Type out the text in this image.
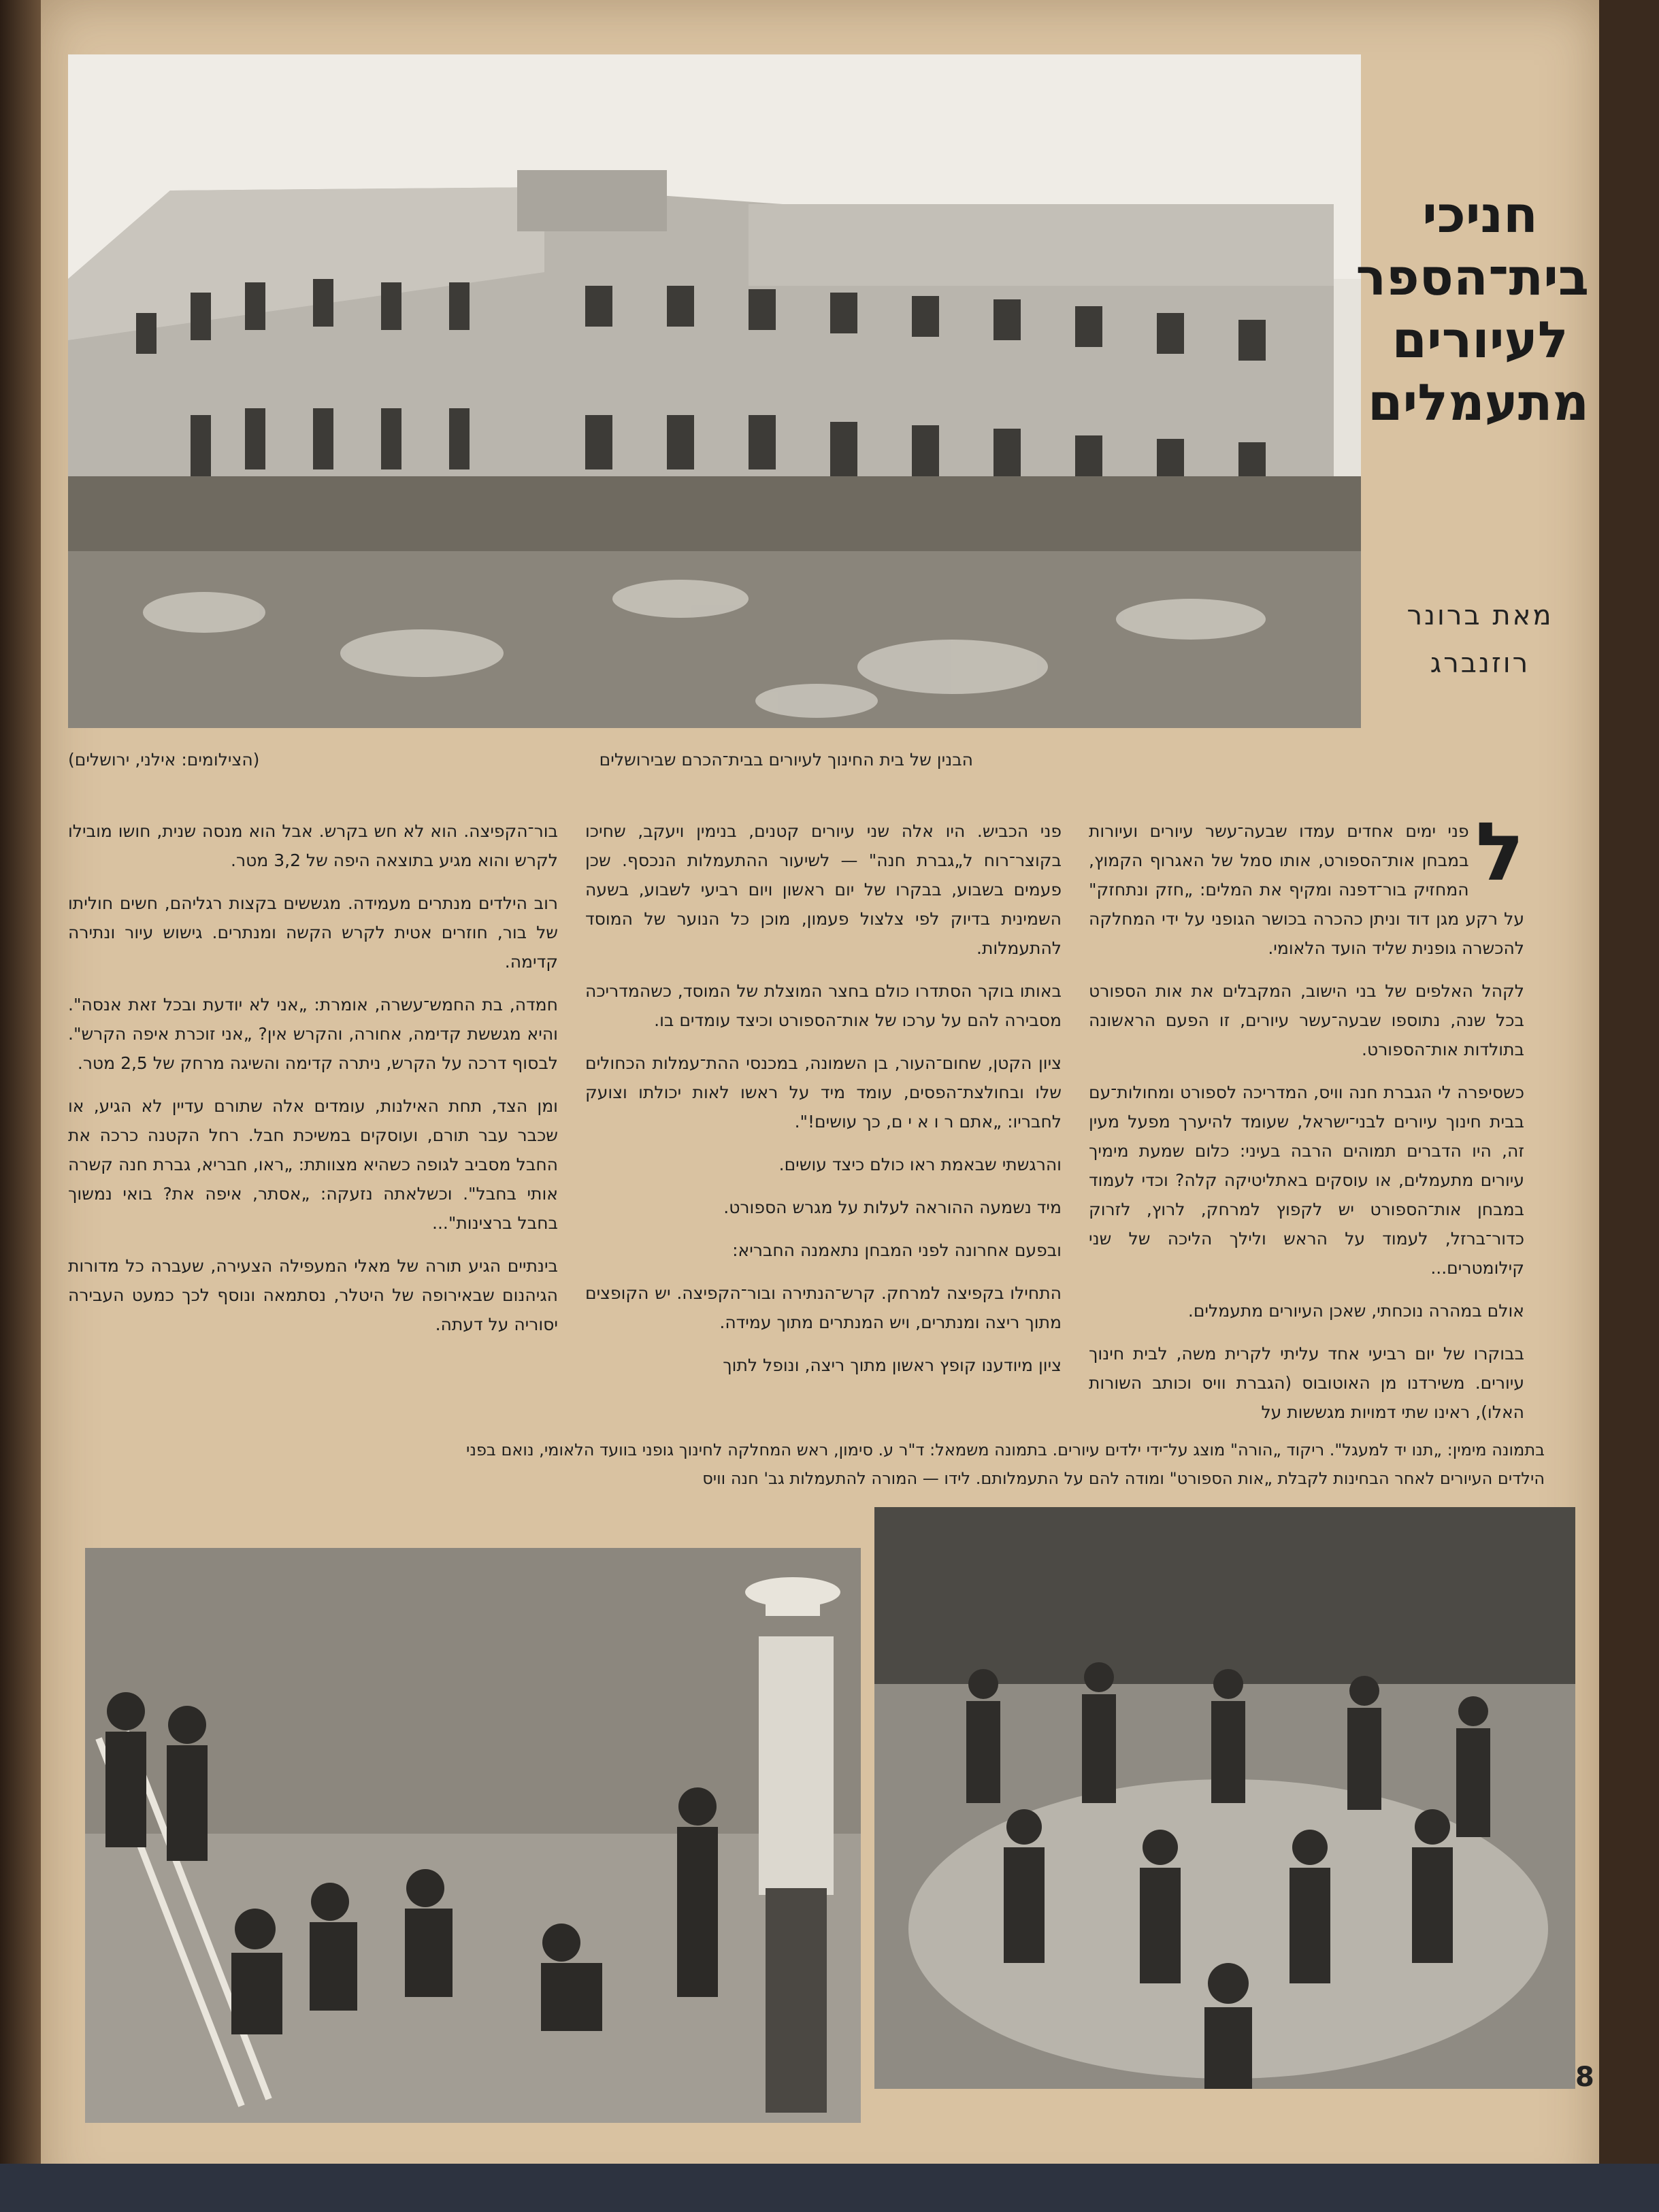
חניכי
בית־הספר
לעיורים
מתעמלים
מאת ברונר
רוזנברג
הבנין של בית החינוך לעיורים בבית־הכרם שבירושלים
(הצילומים: אילני, ירושלים)

ל
פני ימים אחדים עמדו שבעה־עשר עיורים ועיורות במבחן אות־הספורט, אותו סמל של האגרוף הקמוץ, המחזיק בור־דפנה ומקיף את המלים: „חזק ונתחזק" על רקע מגן דוד וניתן כהכרה בכושר הגופני על ידי המחלקה להכשרה גופנית שליד הועד הלאומי.

לקהל האלפים של בני הישוב, המקבלים את אות הספורט בכל שנה, נתוספו שבעה־עשר עיורים, זו הפעם הראשונה בתולדות אות־הספורט.

כשסיפרה לי הגברת חנה וויס, המדריכה לספורט ומחולות־עם בבית חינוך עיורים לבני־ישראל, שעומד להיערך מפעל מעין זה, היו הדברים תמוהים הרבה בעיני: כלום שמעת מימיך עיורים מתעמלים, או עוסקים באתליטיקה קלה? וכדי לעמוד במבחן אות־הספורט יש לקפוץ למרחק, לרוץ, לזרוק כדור־ברזל, לעמוד על הראש ולילך הליכה של שני קילומטרים...

אולם במהרה נוכחתי, שאכן העיורים מתעמלים.

בבוקרו של יום רביעי אחד עליתי לקרית משה, לבית חינוך עיורים. משירדנו מן האוטובוס (הגברת וויס וכותב השורות האלו), ראינו שתי דמויות מגששות על

פני הכביש. היו אלה שני עיורים קטנים, בנימין ויעקב, שחיכו בקוצר־רוח ל„גברת חנה" — לשיעור ההתעמלות הנכסף. שכן פעמים בשבוע, בבקרו של יום ראשון ויום רביעי לשבוע, בשעה השמינית בדיוק לפי צלצול פעמון, מוכן כל הנוער של המוסד להתעמלות.

באותו בוקר הסתדרו כולם בחצר המוצלת של המוסד, כשהמדריכה מסבירה להם על ערכו של אות־הספורט וכיצד עומדים בו.

ציון הקטן, שחום־העור, בן השמונה, במכנסי ההת־עמלות הכחולים שלו ובחולצת־הפסים, עומד מיד על ראשו לאות יכולתו וצועק לחבריו: „אתם ר ו א י ם, כך עושים!".

והרגשתי שבאמת ראו כולם כיצד עושים.

מיד נשמעה ההוראה לעלות על מגרש הספורט.

ובפעם אחרונה לפני המבחן נתאמנה החבריא:

התחילו בקפיצה למרחק. קרש־הנתירה ובור־הקפיצה. יש הקופצים מתוך ריצה ומנתרים, ויש המנתרים מתוך עמידה.

ציון מיודענו קופץ ראשון מתוך ריצה, ונופל לתוך

בור־הקפיצה. הוא לא חש בקרש. אבל הוא מנסה שנית, חושו מובילו לקרש והוא מגיע בתוצאה היפה של 3,2 מטר.

רוב הילדים מנתרים מעמידה. מגששים בקצות רגליהם, חשים חוליתו של בור, חוזרים אטית לקרש הקשה ומנתרים. גישוש עיור ונתירה קדימה.

חמדה, בת החמש־עשרה, אומרת: „אני לא יודעת ובכל זאת אנסה". והיא מגששת קדימה, אחורה, והקרש אין? „אני זוכרת איפה הקרש". לבסוף דרכה על הקרש, ניתרה קדימה והשיגה מרחק של 2,5 מטר.

ומן הצד, תחת האילנות, עומדים אלה שתורם עדיין לא הגיע, או שכבר עבר תורם, ועוסקים במשיכת חבל. רחל הקטנה כרכה את החבל מסביב לגופה כשהיא מצוותת: „ראו, חבריא, גברת חנה קשרה אותי בחבל". וכשלאתה נזעקה: „אסתר, איפה את? בואי נמשוך בחבל ברצינות"...

בינתיים הגיע תורה של מאלי המעפילה הצעירה, שעברה כל מדורות הגיהנום שבאירופה של היטלר, נסתמאה ונוסף לכך כמעט העבירה יסוריה על דעתה.

בתמונה מימין: „תנו יד למעגל". ריקוד „הורה" מוצג על־ידי ילדים עיורים. בתמונה משמאל: ד"ר ע. סימון, ראש המחלקה לחינוך גופני בוועד הלאומי, נואם בפני
הילדים העיורים לאחר הבחינות לקבלת „אות הספורט" ומודה להם על התעמלותם. לידו — המורה להתעמלות גב' חנה וויס
8
